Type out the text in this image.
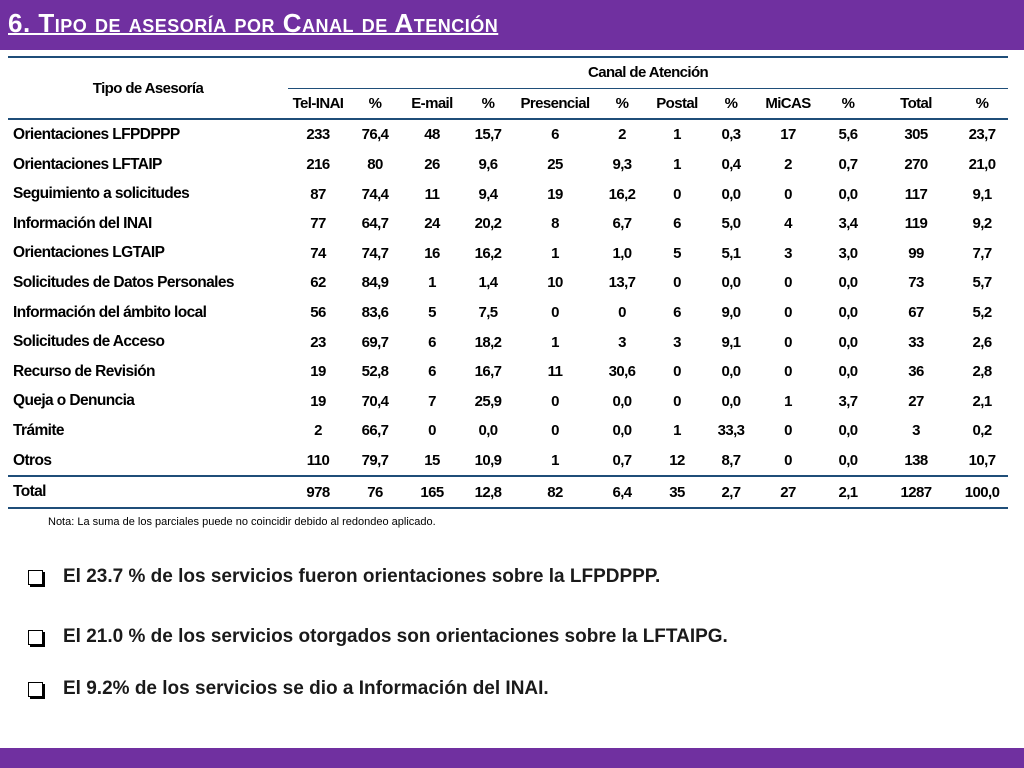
6. Tipo de asesoría por Canal de Atención
Tipo de Asesoría	Canal de Atención											
	Tel-INAI	%	E-mail	%	Presencial	%	Postal	%	MiCAS	%	Total	%
Orientaciones LFPDPPP	233	76,4	48	15,7	6	2	1	0,3	17	5,6	305	23,7
Orientaciones LFTAIP	216	80	26	9,6	25	9,3	1	0,4	2	0,7	270	21,0
Seguimiento a solicitudes	87	74,4	11	9,4	19	16,2	0	0,0	0	0,0	117	9,1
Información del INAI	77	64,7	24	20,2	8	6,7	6	5,0	4	3,4	119	9,2
Orientaciones LGTAIP	74	74,7	16	16,2	1	1,0	5	5,1	3	3,0	99	7,7
Solicitudes de Datos Personales	62	84,9	1	1,4	10	13,7	0	0,0	0	0,0	73	5,7
Información del ámbito local	56	83,6	5	7,5	0	0	6	9,0	0	0,0	67	5,2
Solicitudes de Acceso	23	69,7	6	18,2	1	3	3	9,1	0	0,0	33	2,6
Recurso de Revisión	19	52,8	6	16,7	11	30,6	0	0,0	0	0,0	36	2,8
Queja o Denuncia	19	70,4	7	25,9	0	0,0	0	0,0	1	3,7	27	2,1
Trámite	2	66,7	0	0,0	0	0,0	1	33,3	0	0,0	3	0,2
Otros	110	79,7	15	10,9	1	0,7	12	8,7	0	0,0	138	10,7
Total	978	76	165	12,8	82	6,4	35	2,7	27	2,1	1287	100,0
Nota: La suma de los parciales puede no coincidir debido al redondeo aplicado.
El 23.7 % de los servicios fueron orientaciones sobre la LFPDPPP.
El 21.0 % de los servicios otorgados son orientaciones sobre la LFTAIPG.
El 9.2% de los servicios se dio a Información del INAI.
